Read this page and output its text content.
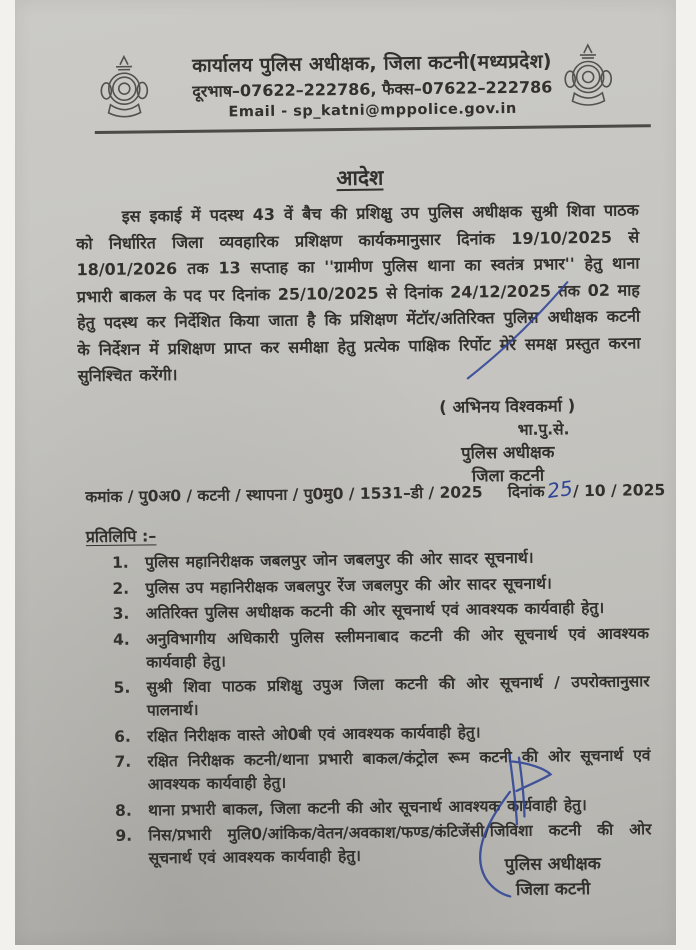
कार्यालय पुलिस अधीक्षक, जिला कटनी(मध्यप्रदेश)
दूरभाष–07622–222786, फैक्स–07622–222786
Email - sp_katni@mppolice.gov.in
आदेश
इस इकाई में पदस्थ 43 वें बैच की प्रशिक्षु उप पुलिस अधीक्षक सुश्री शिवा पाठक को निर्धारित जिला व्यवहारिक प्रशिक्षण कार्यकमानुसार दिनांक 19/10/2025 से 18/01/2026 तक 13 सप्ताह का ''ग्रामीण पुलिस थाना का स्वतंत्र प्रभार'' हेतु थाना प्रभारी बाकल के पद पर दिनांक 25/10/2025 से दिनांक 24/12/2025 तक 02 माह हेतु पदस्थ कर निर्देशित किया जाता है कि प्रशिक्षण मेंटॉर/अतिरिक्त पुलिस अधीक्षक कटनी के निर्देशन में प्रशिक्षण प्राप्त कर समीक्षा हेतु प्रत्येक पाक्षिक रिर्पोट मेरे समक्ष प्रस्तुत करना सुनिश्चित करेंगी।
( अभिनय विश्वकर्मा )
भा.पु.से.
पुलिस अधीक्षक
जिला कटनी
कमांक / पु0अ0 / कटनी / स्थापना / पु0मु0 / 1531–डी / 2025 दिनांक25/ 10 / 2025
प्रतिलिपि :–
1.	पुलिस महानिरीक्षक जबलपुर जोन जबलपुर की ओर सादर सूचनार्थ।
2.	पुलिस उप महानिरीक्षक जबलपुर रेंज जबलपुर की ओर सादर सूचनार्थ।
3.	अतिरिक्त पुलिस अधीक्षक कटनी की ओर सूचनार्थ एवं आवश्यक कार्यवाही हेतु।
4.	अनुविभागीय अधिकारी पुलिस स्लीमनाबाद कटनी की ओर सूचनार्थ एवं आवश्यक कार्यवाही हेतु।
5.	सुश्री शिवा पाठक प्रशिक्षु उपुअ जिला कटनी की ओर सूचनार्थ / उपरोक्तानुसार पालनार्थ।
6.	रक्षित निरीक्षक वास्ते ओ0बी एवं आवश्यक कार्यवाही हेतु।
7.	रक्षित निरीक्षक कटनी/थाना प्रभारी बाकल/कंट्रोल रूम कटनी की ओर सूचनार्थ एवं आवश्यक कार्यवाही हेतु।
8.	थाना प्रभारी बाकल, जिला कटनी की ओर सूचनार्थ आवश्यक कार्यवाही हेतु।
9.	निस/प्रभारी मुलि0/आंकिक/वेतन/अवकाश/फण्ड/कंटिजेंसी/जिविशा कटनी की ओर सूचनार्थ एवं आवश्यक कार्यवाही हेतु।	पुलिस अधीक्षक
जिला कटनी
